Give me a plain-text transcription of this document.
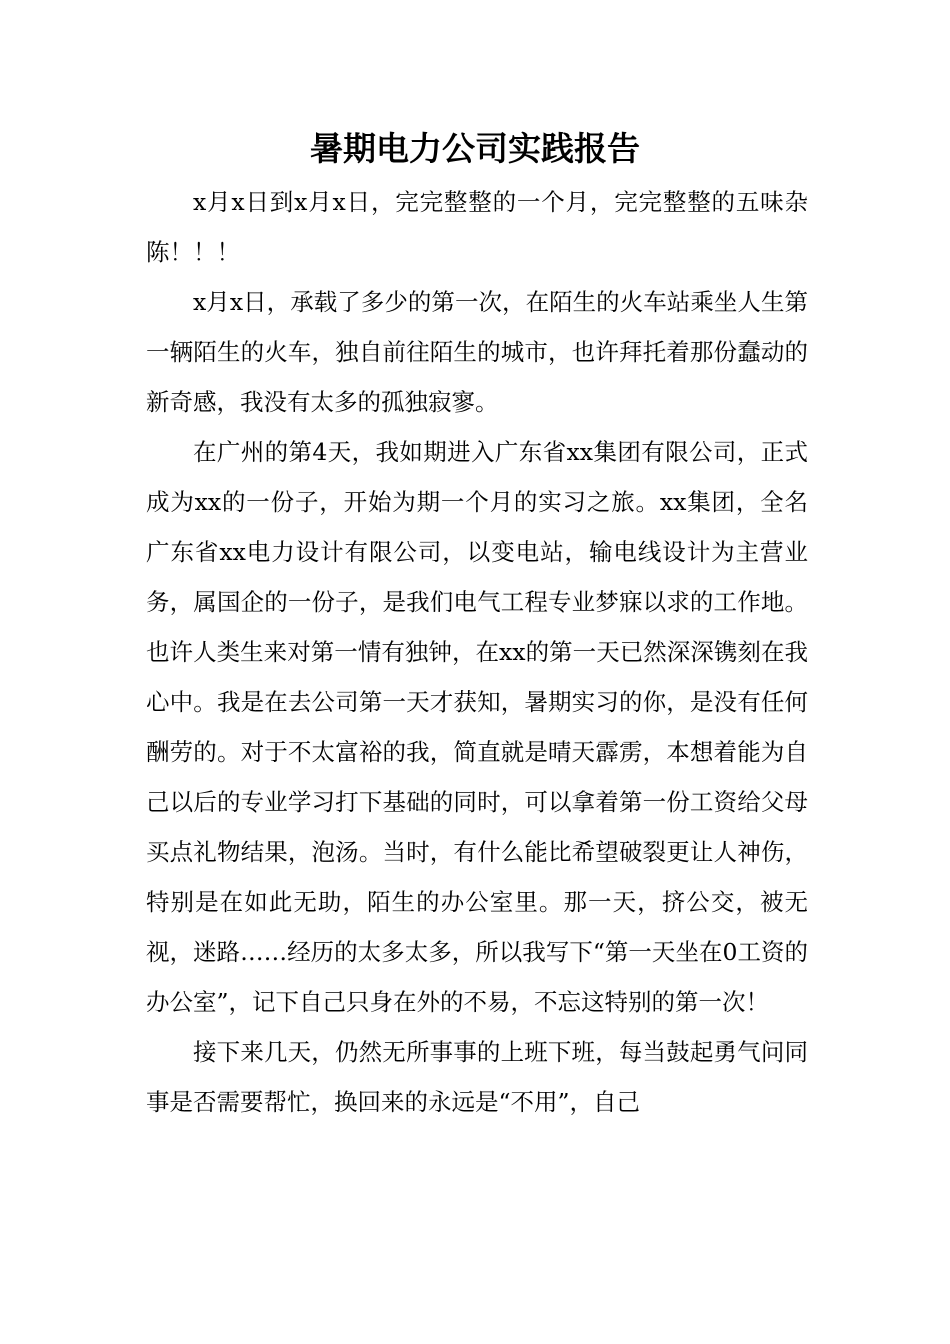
暑期电力公司实践报告

x月x日到x月x日，完完整整的一个月，完完整整的五味杂陈！！！

x月x日，承载了多少的第一次，在陌生的火车站乘坐人生第一辆陌生的火车，独自前往陌生的城市，也许拜托着那份蠢动的新奇感，我没有太多的孤独寂寥。

在广州的第4天，我如期进入广东省xx集团有限公司，正式成为xx的一份子，开始为期一个月的实习之旅。xx集团，全名广东省xx电力设计有限公司，以变电站，输电线设计为主营业务，属国企的一份子，是我们电气工程专业梦寐以求的工作地。也许人类生来对第一情有独钟，在xx的第一天已然深深镌刻在我心中。我是在去公司第一天才获知，暑期实习的你，是没有任何酬劳的。对于不太富裕的我，简直就是晴天霹雳，本想着能为自己以后的专业学习打下基础的同时，可以拿着第一份工资给父母买点礼物结果，泡汤。当时，有什么能比希望破裂更让人神伤，特别是在如此无助，陌生的办公室里。那一天，挤公交，被无视，迷路……经历的太多太多，所以我写下“第一天坐在0工资的办公室”，记下自己只身在外的不易，不忘这特别的第一次！

接下来几天，仍然无所事事的上班下班，每当鼓起勇气问同事是否需要帮忙，换回来的永远是“不用”，自己
